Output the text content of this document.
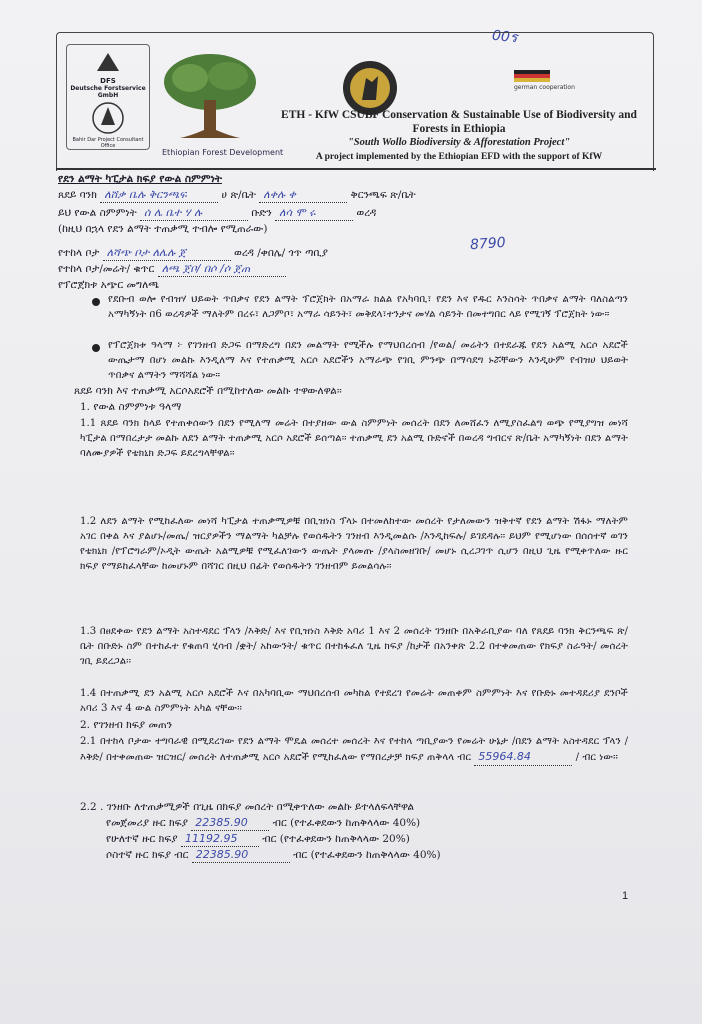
00ร
DFS
Deutsche Forstservice GmbH
Bahir Dar Project Consultant Office
Ethiopian Forest Development
german cooperation
ETH - KfW CSUBF Conservation & Sustainable Use of Biodiversity and
Forests in Ethiopia
"South Wollo Biodiversity & Afforestation Project"
A project implemented by the Ethiopian EFD with the support of KfW
የደን ልማት ካፒታል ክፍያ የውል ስምምነት
ጸደይ ባንክ ለሸቃ ቤሉ ቅርንጫፍ	ሀ ጽ/ቤት ለቀሉ ቀ	ቅርንጫፍ ጽ/ቤት
ይህ የውል ስምምነት ሰ ሌ ቤተ ሃ ሉ	ቡድን ለሳ ሞ ሩ	ወረዳ
(ከዚህ በኋላ የደን ልማት ተጠቃሚ ተብሎ የሚጠራው)
8790
የተከላ ቦታ ለሻጭ ቦታ ለሌሉ ጀ	ወረዳ /ቀበሌ/ ጎጥ ጣቢያ
የተከላ ቦታ/መሬት/ ቁጥር ለጫ ጀቦ/ በሶ /ሶ ጀጠ
የፕሮጀክቱ አጭር መግለጫ
የደቡብ ወሎ የብዝሃ ህይወት ጥበቃና የደን ልማት ፕሮጀክት በአማራ ክልል የአካባቢ፣ የደን እና የዱር እንስሳት ጥበቃና ልማት ባለስልጣን አማካኝነት በ6 ወረዳዎች ማለትም በረሩ፣ ለጋምቦ፣ አማራ ሳይንት፣ መቅደላ፣ተንታና መሃል ሳይንት በመተግበር ላይ የሚገኝ ፕሮጀክት ነው።
የፕሮጀክቱ ዓላማ ፦ የገንዘብ ድጋፍ በማድረግ በደን መልማት የሚችሉ የማህበረሰብ /የወል/ መሬትን በተደራጁ የደን አልሚ አርሶ አደሮች ውጤታማ በሆነ መልኩ እንዲለማ እና የተጠቃሚ አርሶ አደሮችን አማራጭ የገቢ ምንጭ በማሳደግ ኑሯቸውን እንዲሁም የብዝሀ ህይወት ጥበቃና ልማትን ማሻሻል ነው።
ጸደይ ባንክ እና ተጠቃሚ አርሶአደሮች በሚከተለው መልኩ ተዋውለዋል፡፡
1. የውል ስምምነቱ ዓላማ
1.1 ጸደይ ባንክ ከላይ የተጠቀሰውን በደን የሚለማ መሬት በተያዘው ውል ስምምነት መሰረት በደን ለመሸፈን ለሚያስፈልግ ወጭ የሚያግዝ መነሻ ካፒታል በማበረታታ መልኩ ለደን ልማት ተጠቃሚ አርሶ አደሮች ይሰጣል፡፡ ተጠቃሚ ደን አልሚ ቡድኖች በወረዳ ግብርና ጽ/ቤት አማካኝነት በደን ልማት ባለሙያዎች የቴክኒክ ድጋፍ ይደረግላቸዋል፡፡
1.2 ለደን ልማት የሚከፈለው መነሻ ካፒታል ተጠቃሚዎቹ በቢዝነስ ፕላኑ በተመለከተው መሰረት የታለመውን ዝቅተኛ የደን ልማት ሽፋኑ ማለትም አገር በቀል እና ያልሆኑ/መጤ/ ዝርያዎችን ማልማት ካልቻሉ የወሰዱትን ገንዘብ እንዲመልሱ /እንዲከፍሉ/ ይገደዳሉ፡፡ ይህም የሚሆነው በሰሰተኛ ወገን የቴክኒክ /የፕሮግራም/ኦዲት ውጤት አልሚዎቹ የሚፈለገውን ውጤት ያላመጡ /ያላስመዘገቡ/ መሆኑ ሲረጋገጥ ሲሆን በዚህ ጊዜ የሚቀጥለው ዙር ክፍያ የማይከፈላቸው ከመሆኑም በሻገር በዚህ በፊት የወሰዱትን ገንዘብም ይመልሳሉ፡፡
1.3 በፀደቀው የደን ልማት አስተዳደር ፕላን /እቅድ/ እና የቢዝነስ እቅድ አባሪ 1 እና 2 መሰረት ገንዘቡ በአቅራቢያው ባለ የጸደይ ባንክ ቅርንጫፍ ጽ/ቤት በቡድኑ ስም በተከፈተ የቁጠባ ሂሳብ /ቋት/ አከውንት/ ቁጥር በተከፋፈለ ጊዜ ክፍያ /ከታች በአንቀጽ 2.2 በተቀመጠው የክፍያ ስራዓት/ መሰረት ገቢ ይደረጋል፡፡
1.4 በተጠቃሚ ደን አልሚ አርሶ አደሮች እና በአካባቢው ማህበረሰብ መካከል የተደረገ የመሬት መጠቀም ስምምነት እና የቡድኑ መተዳደሪያ ደንቦች አባሪ 3 እና 4 ውል ስምምነት አካል ናቸው፡፡
2. የገንዘብ ክፍያ መጠን
2.1 በተከላ ቦታው ተግባራዊ በሚደረገው የደን ልማት ሞዴል መሰረተ መሰረት እና የተከላ ጣቢያውን የመሬት ሁኔታ /በደን ልማት አስተዳደር ፕላን /እቅድ/ በተቀመጠው ዝርዝር/ መሰረት ለተጠቃሚ አርሶ አደሮች የሚከፈለው የማበረታቻ ክፍያ ጠቅላላ ብር 55964.84	/ ብር ነው፡፡
2.2 . ገንዘቡ ለተጠቃሚዎች በጊዜ በክፍያ መሰረት በሚቀጥለው መልኩ ይተላለፍላቸዋል
የመጀመሪያ ዙር ክፍያ 22385.90 ብር (የተፈቀደውን ከጠቅላላው 40%)
የሁለተኛ ዙር ክፍያ 11192.95 ብር (የተፈቀደውን ከጠቅላላው 20%)
ሶስተኛ ዙር ክፍያ ብር 22385.90	ብር (የተፈቀደውን ከጠቅላላው 40%)
1
